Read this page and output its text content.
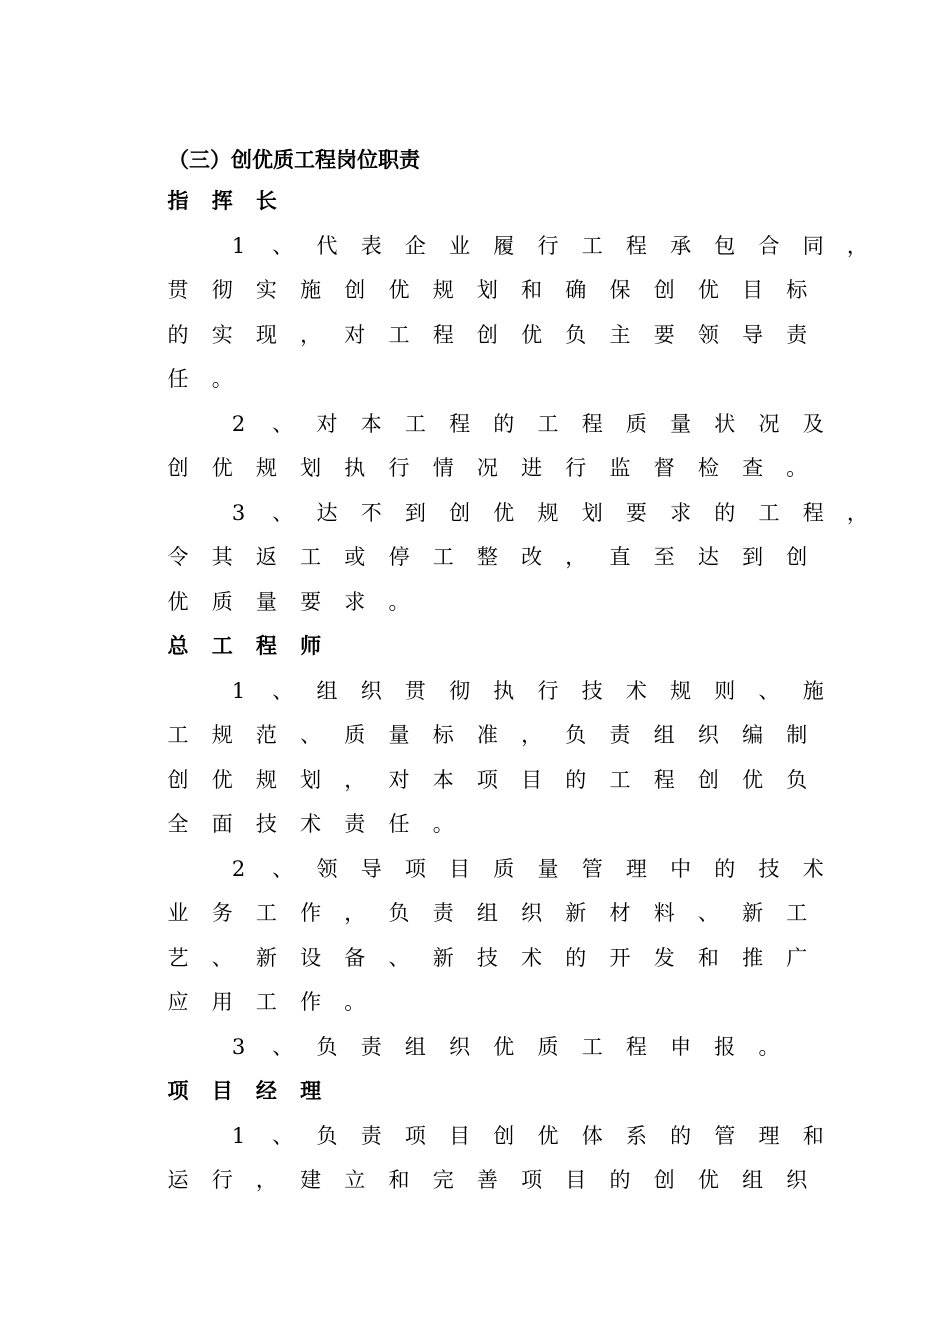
（三）创优质工程岗位职责
指 挥 长
1	、 代 表 企 业 履 行 工 程 承 包 合 同 ，
贯 彻 实 施 创 优 规 划 和 确 保 创 优 目 标
的 实 现 ， 对 工 程 创 优 负 主 要 领 导 责
任 。
2	、 对 本 工 程 的 工 程 质 量 状 况 及
创 优 规 划 执 行 情 况 进 行 监 督 检 查 。
3	、 达 不 到 创 优 规 划 要 求 的 工 程 ，
令 其 返 工 或 停 工 整 改 ， 直 至 达 到 创
优 质 量 要 求 。
总 工 程 师
1	、 组 织 贯 彻 执 行 技 术 规 则 、 施
工 规 范 、 质 量 标 准 ， 负 责 组 织 编 制
创 优 规 划 ， 对 本 项 目 的 工 程 创 优 负
全 面 技 术 责 任 。
2	、 领 导 项 目 质 量 管 理 中 的 技 术
业 务 工 作 ， 负 责 组 织 新 材 料 、 新 工
艺 、 新 设 备 、 新 技 术 的 开 发 和 推 广
应 用 工 作 。
3	、 负 责 组 织 优 质 工 程 申 报 。
项 目 经 理
1	、 负 责 项 目 创 优 体 系 的 管 理 和
运 行 ， 建 立 和 完 善 项 目 的 创 优 组 织
